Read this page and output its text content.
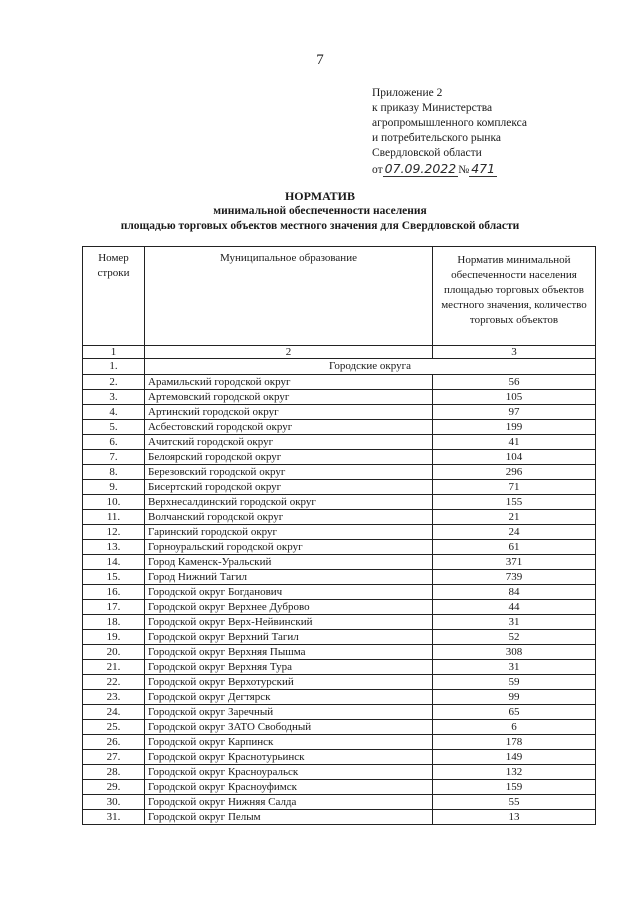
7
Приложение 2
к приказу Министерства
агропромышленного комплекса
и потребительского рынка
Свердловской области
от 07.09.2022 № 471
НОРМАТИВ
минимальной обеспеченности населения
площадью торговых объектов местного значения для Свердловской области
Номер строки	Муниципальное образование	Норматив минимальной обеспеченности населения площадью торговых объектов местного значения, количество торговых объектов
1	2	3
1.	Городские округа	
2.	Арамильский городской округ	56
3.	Артемовский городской округ	105
4.	Артинский городской округ	97
5.	Асбестовский городской округ	199
6.	Ачитский городской округ	41
7.	Белоярский городской округ	104
8.	Березовский городской округ	296
9.	Бисертский городской округ	71
10.	Верхнесалдинский городской округ	155
11.	Волчанский городской округ	21
12.	Гаринский городской округ	24
13.	Горноуральский городской округ	61
14.	Город Каменск-Уральский	371
15.	Город Нижний Тагил	739
16.	Городской округ Богданович	84
17.	Городской округ Верхнее Дуброво	44
18.	Городской округ Верх-Нейвинский	31
19.	Городской округ Верхний Тагил	52
20.	Городской округ Верхняя Пышма	308
21.	Городской округ Верхняя Тура	31
22.	Городской округ Верхотурский	59
23.	Городской округ Дегтярск	99
24.	Городской округ Заречный	65
25.	Городской округ ЗАТО Свободный	6
26.	Городской округ Карпинск	178
27.	Городской округ Краснотурьинск	149
28.	Городской округ Красноуральск	132
29.	Городской округ Красноуфимск	159
30.	Городской округ Нижняя Салда	55
31.	Городской округ Пелым	13
